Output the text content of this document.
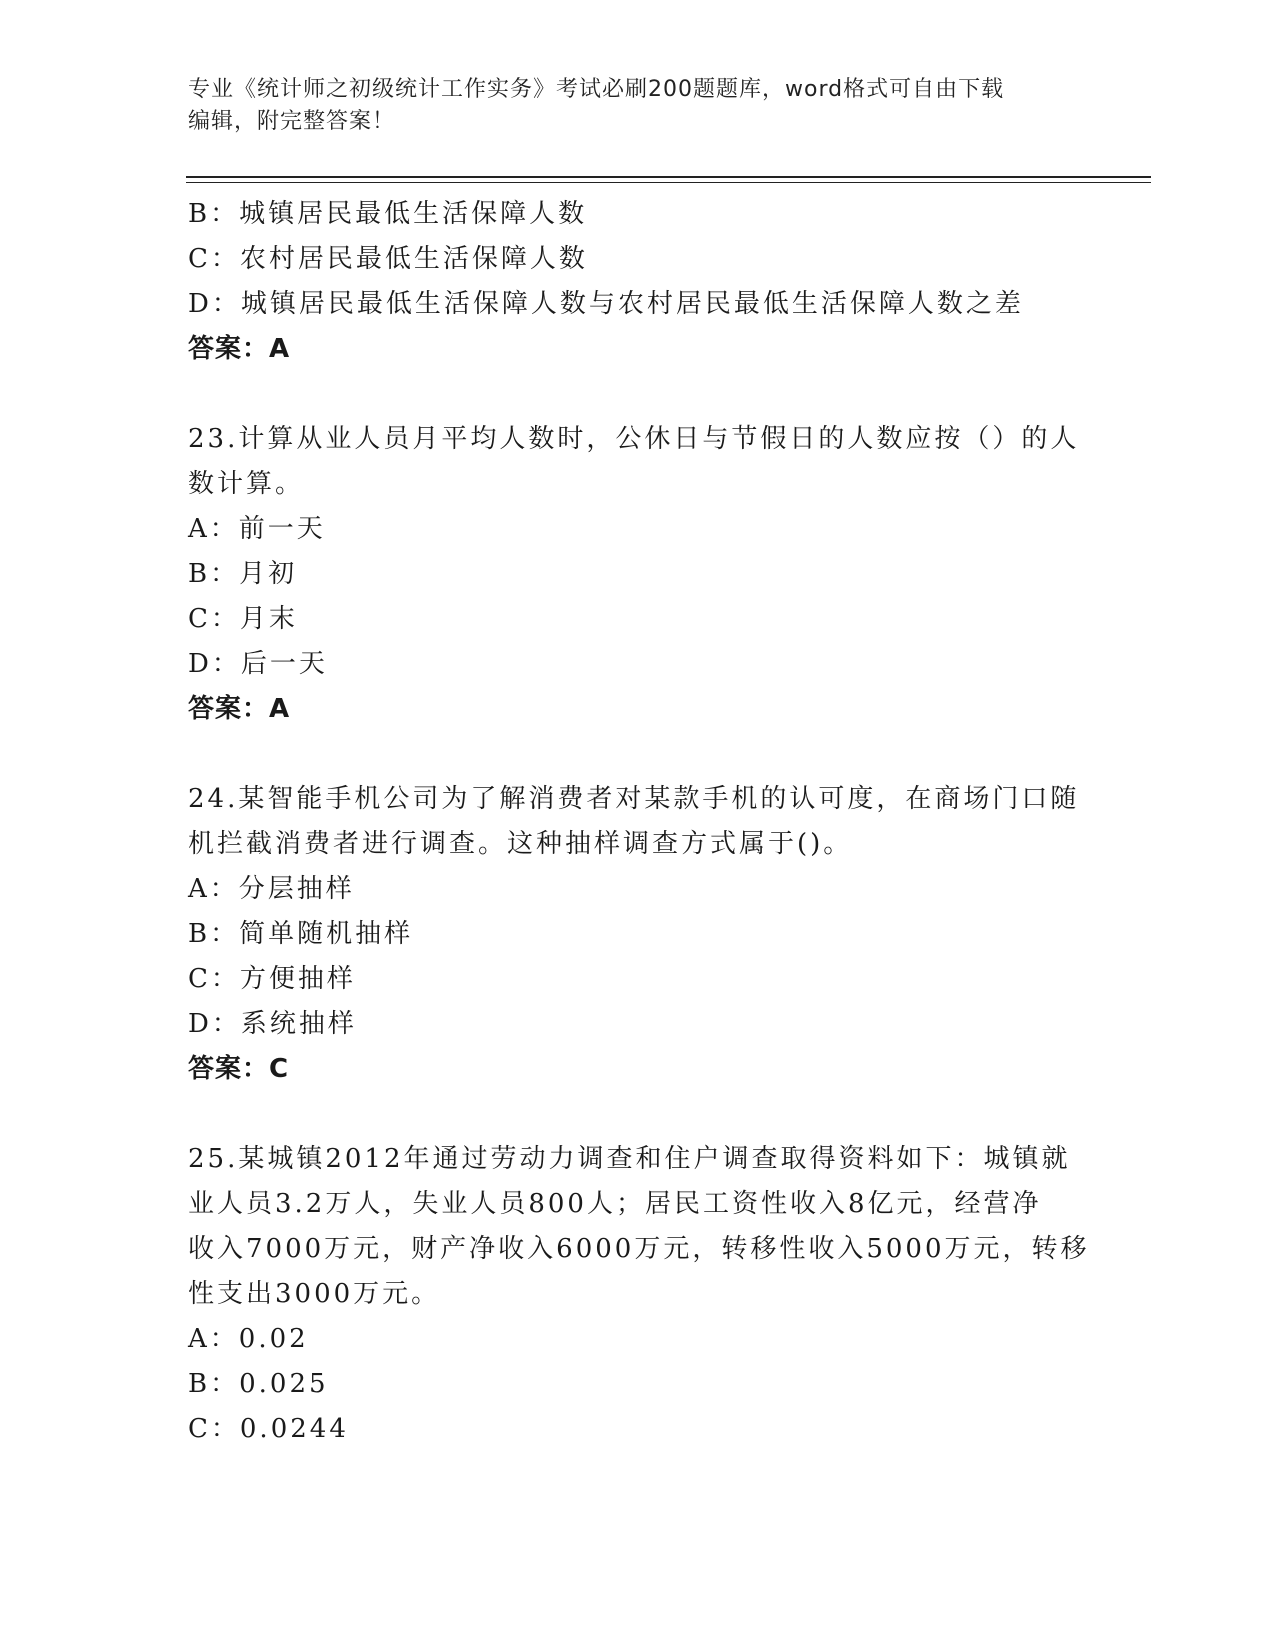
专业《统计师之初级统计工作实务》考试必刷200题题库，word格式可自由下载
编辑，附完整答案！
B：城镇居民最低生活保障人数
C：农村居民最低生活保障人数
D：城镇居民最低生活保障人数与农村居民最低生活保障人数之差
答案：A
23.计算从业人员月平均人数时，公休日与节假日的人数应按（）的人
数计算。
A：前一天
B：月初
C：月末
D：后一天
答案：A
24.某智能手机公司为了解消费者对某款手机的认可度，在商场门口随
机拦截消费者进行调查。这种抽样调查方式属于()。
A：分层抽样
B：简单随机抽样
C：方便抽样
D：系统抽样
答案：C
25.某城镇2012年通过劳动力调查和住户调查取得资料如下：城镇就
业人员3.2万人，失业人员800人；居民工资性收入8亿元，经营净
收入7000万元，财产净收入6000万元，转移性收入5000万元，转移
性支出3000万元。
A：0.02
B：0.025
C：0.0244
